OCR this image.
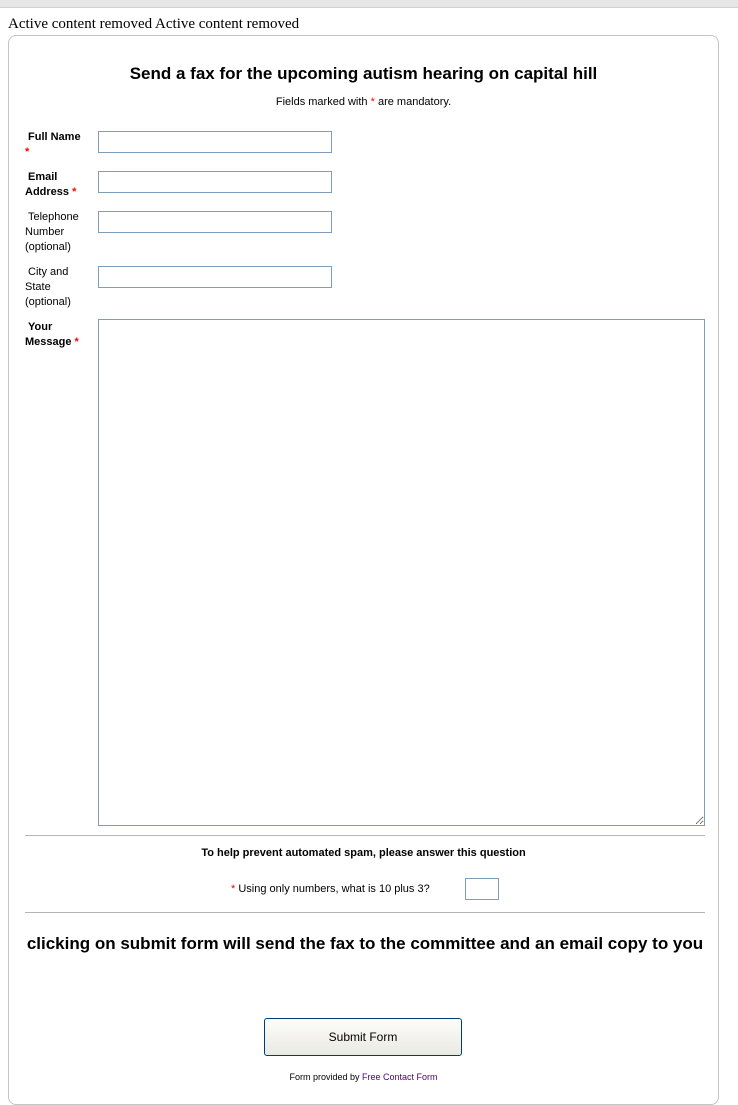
Active content removed Active content removed
Send a fax for the upcoming autism hearing on capital hill
Fields marked with * are mandatory.
Full Name
*
Email
Address *
Telephone
Number
(optional)
City and
State
(optional)
Your
Message *
To help prevent automated spam, please answer this question
* Using only numbers, what is 10 plus 3?
clicking on submit form will send the fax to the committee and an email copy to you
Submit Form
Form provided by Free Contact Form
